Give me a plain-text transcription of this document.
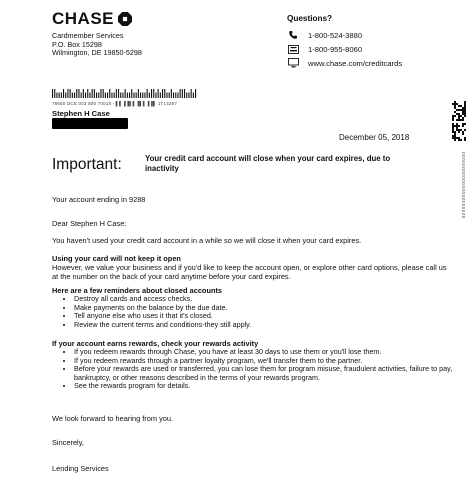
CHASE
Cardmember Services
P.O. Box 15298
Wilmington, DE 19850-5298
Questions?
1-800-524-3880
1-800-955-8060
www.chase.com/creditcards
78660 DCE 003 800 70018 - ▌▌▐▐▌▌▐▌▌▐▐▌ 1T14397
Stephen H Case
0000000000000000000000
December 05, 2018
Important:	Your credit card account will close when your card expires, due to inactivity
Your account ending in 9288
Dear Stephen H Case:
You haven't used your credit card account in a while so we will close it when your card expires.
Using your card will not keep it open
However, we value your business and if you'd like to keep the account open, or explore other card options, please call us at the number on the back of your card anytime before your card expires.
Here are a few reminders about closed accounts
• Destroy all cards and access checks.
• Make payments on the balance by the due date.
• Tell anyone else who uses it that it's closed.
• Review the current terms and conditions-they still apply.
If your account earns rewards, check your rewards activity
• If you redeem rewards through Chase, you have at least 30 days to use them or you'll lose them.
• If you redeem rewards through a partner loyalty program, we'll transfer them to the partner.
• Before your rewards are used or transferred, you can lose them for program misuse, fraudulent activities, failure to pay, bankruptcy, or other reasons described in the terms of your rewards program.
• See the rewards program for details.
We look forward to hearing from you.
Sincerely,
Lending Services
